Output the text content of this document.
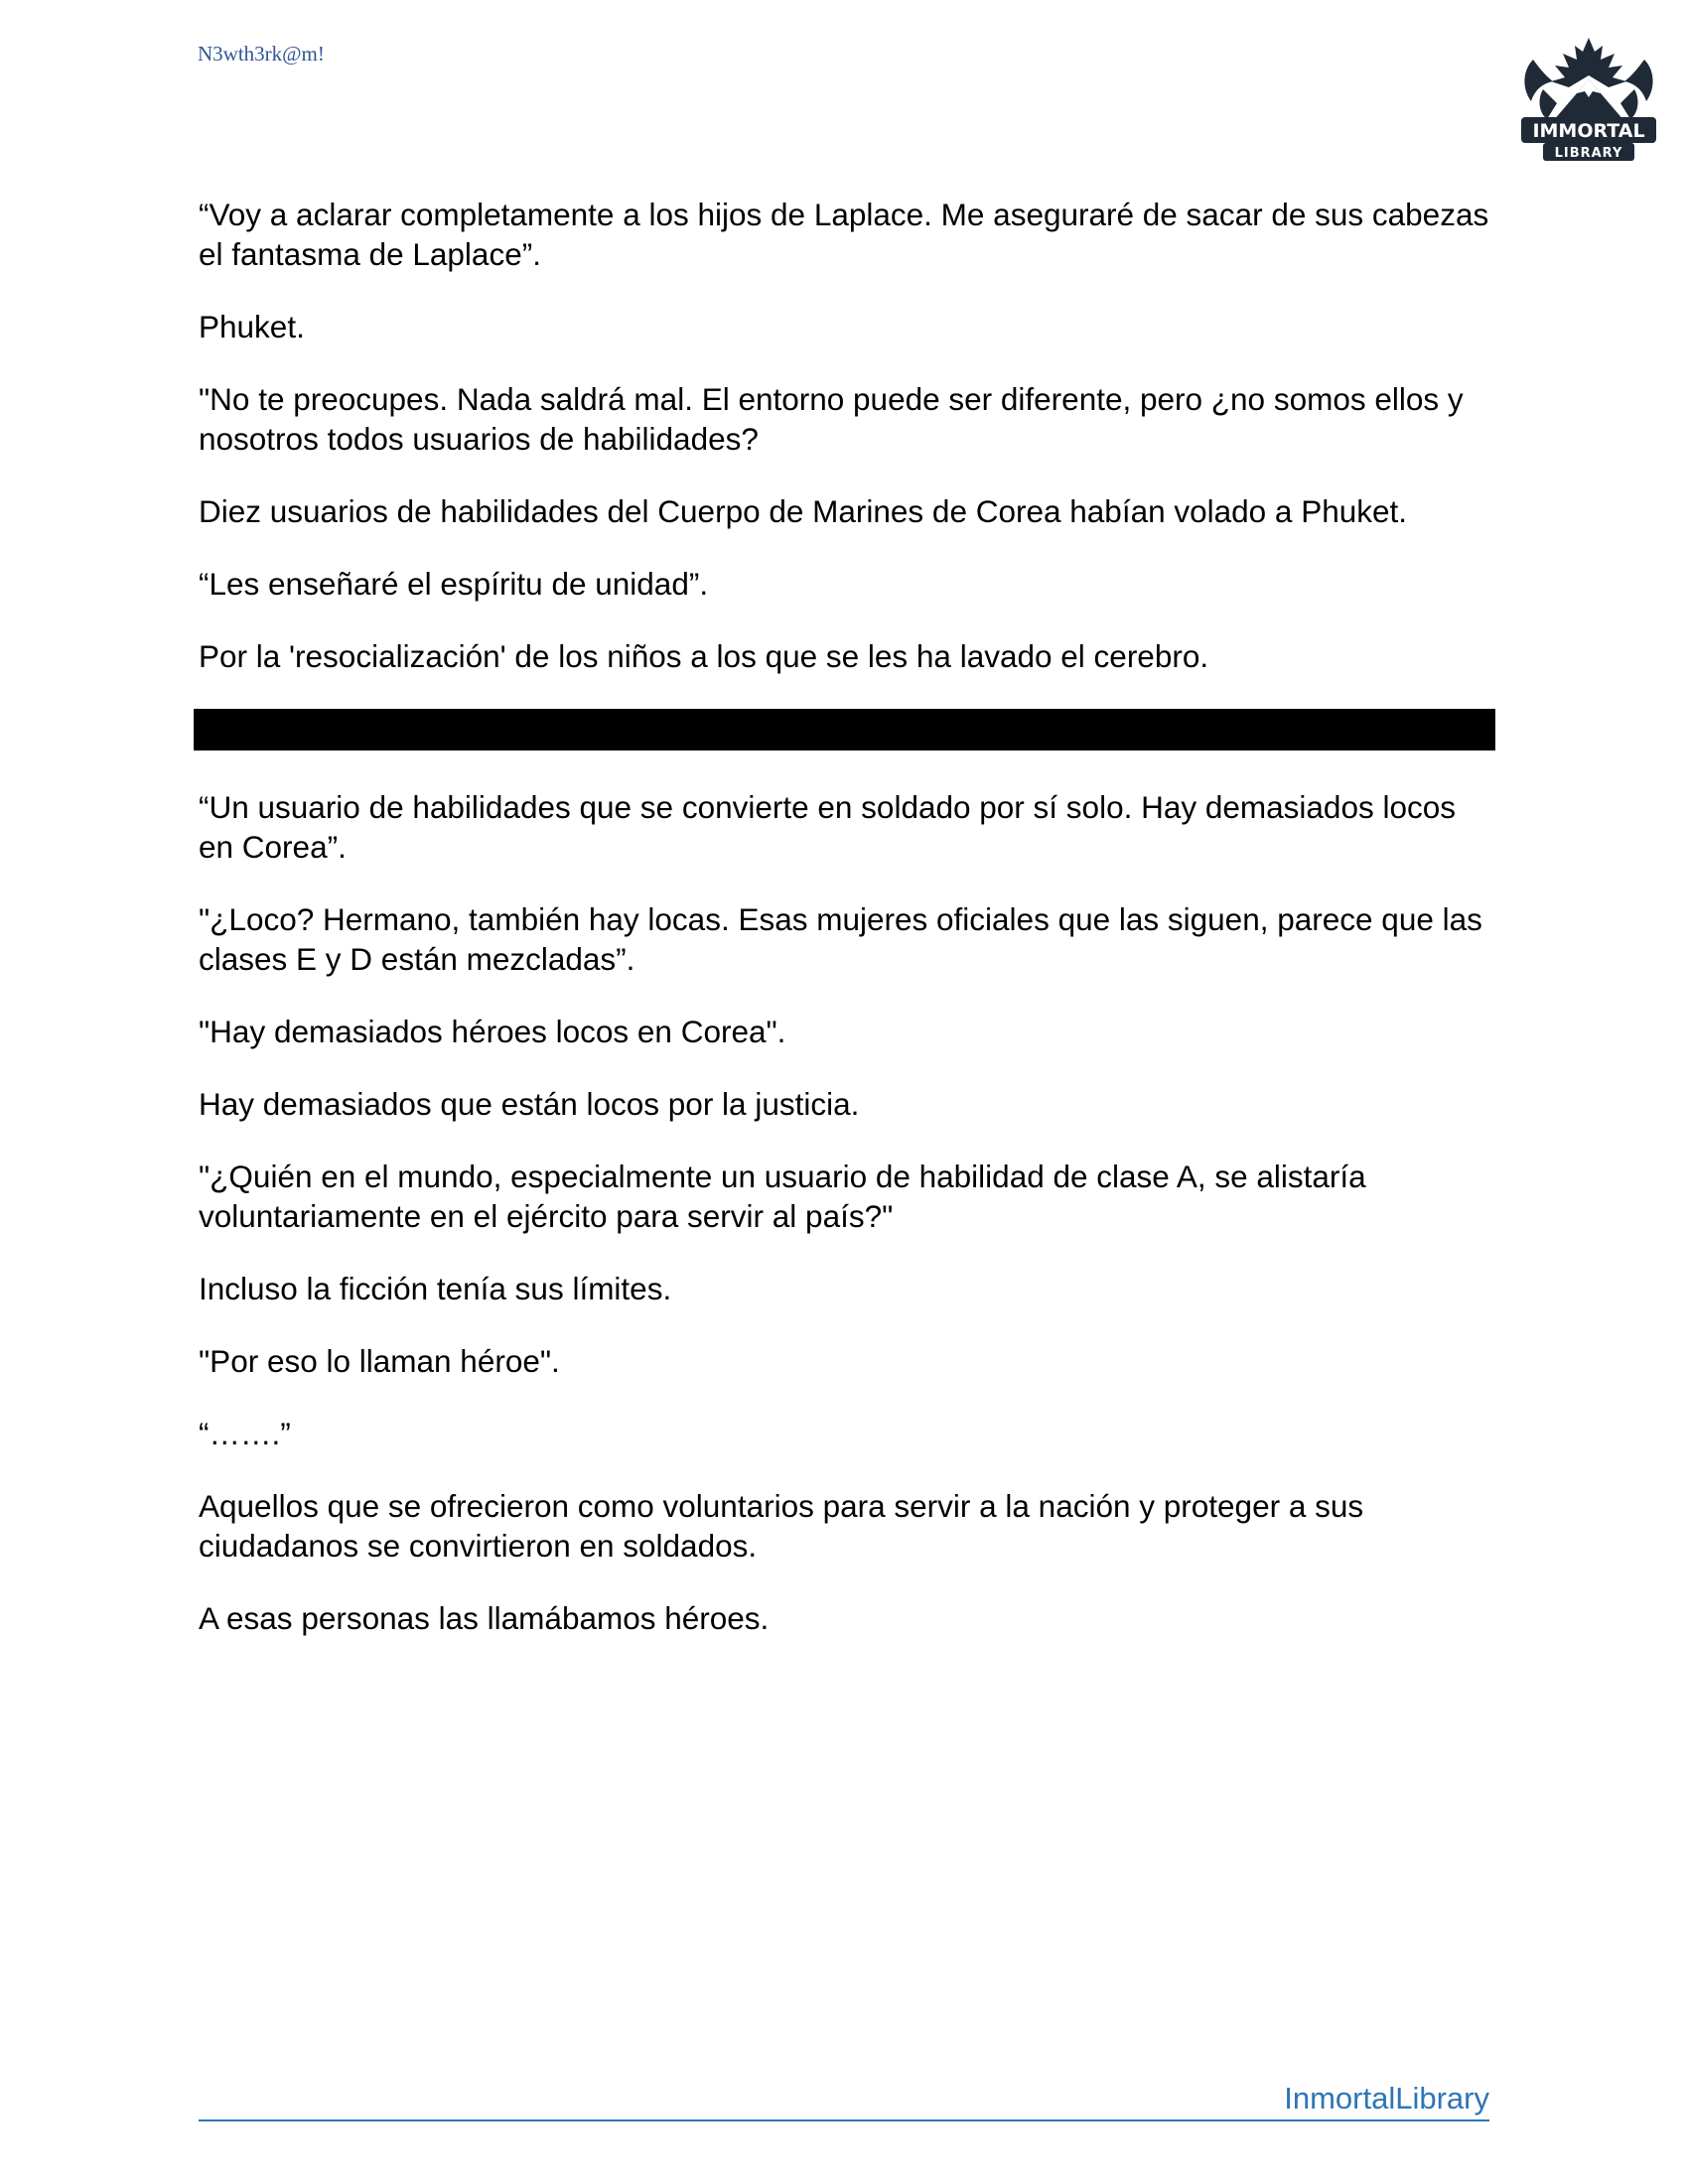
N3wth3rk@m!
IMMORTAL
LIBRARY

“Voy a aclarar completamente a los hijos de Laplace. Me aseguraré de sacar de sus cabezas el fantasma de Laplace”.

Phuket.

"No te preocupes. Nada saldrá mal. El entorno puede ser diferente, pero ¿no somos ellos y nosotros todos usuarios de habilidades?

Diez usuarios de habilidades del Cuerpo de Marines de Corea habían volado a Phuket.

“Les enseñaré el espíritu de unidad”.

Por la 'resocialización' de los niños a los que se les ha lavado el cerebro.

“Un usuario de habilidades que se convierte en soldado por sí solo. Hay demasiados locos en Corea”.

"¿Loco? Hermano, también hay locas. Esas mujeres oficiales que las siguen, parece que las clases E y D están mezcladas”.

"Hay demasiados héroes locos en Corea".

Hay demasiados que están locos por la justicia.

"¿Quién en el mundo, especialmente un usuario de habilidad de clase A, se alistaría voluntariamente en el ejército para servir al país?"

Incluso la ficción tenía sus límites.

"Por eso lo llaman héroe".

“…….”

Aquellos que se ofrecieron como voluntarios para servir a la nación y proteger a sus ciudadanos se convirtieron en soldados.

A esas personas las llamábamos héroes.

InmortalLibrary
